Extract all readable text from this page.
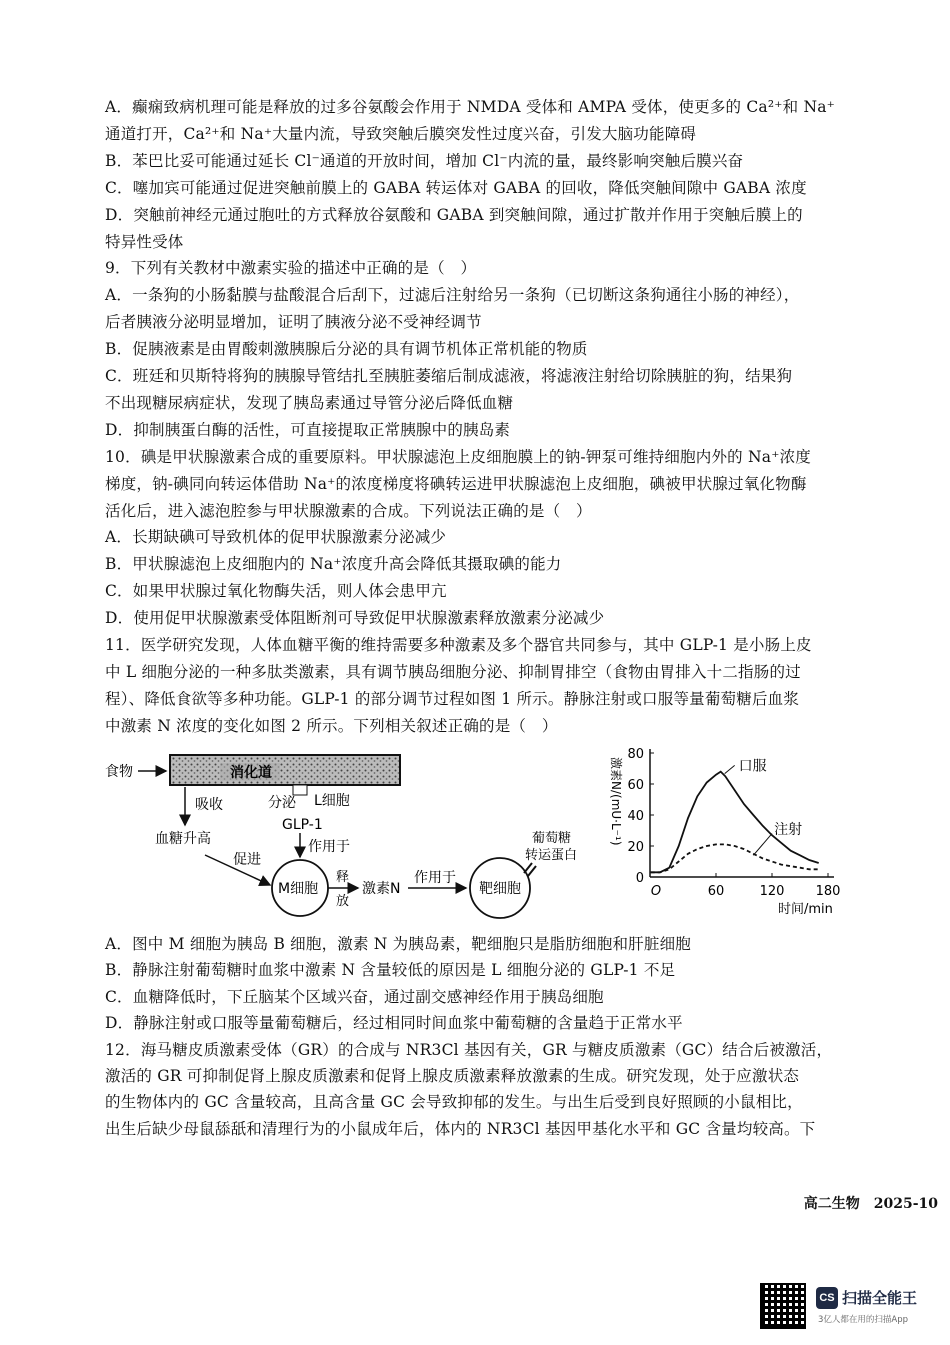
A．癫痫致病机理可能是释放的过多谷氨酸会作用于 NMDA 受体和 AMPA 受体，使更多的 Ca²⁺和 Na⁺
通道打开，Ca²⁺和 Na⁺大量内流，导致突触后膜突发性过度兴奋，引发大脑功能障碍
B．苯巴比妥可能通过延长 Cl⁻通道的开放时间，增加 Cl⁻内流的量，最终影响突触后膜兴奋
C．噻加宾可能通过促进突触前膜上的 GABA 转运体对 GABA 的回收，降低突触间隙中 GABA 浓度
D．突触前神经元通过胞吐的方式释放谷氨酸和 GABA 到突触间隙，通过扩散并作用于突触后膜上的
特异性受体
9．下列有关教材中激素实验的描述中正确的是（　）
A．一条狗的小肠黏膜与盐酸混合后刮下，过滤后注射给另一条狗（已切断这条狗通往小肠的神经），
后者胰液分泌明显增加，证明了胰液分泌不受神经调节
B．促胰液素是由胃酸刺激胰腺后分泌的具有调节机体正常机能的物质
C．班廷和贝斯特将狗的胰腺导管结扎至胰脏萎缩后制成滤液，将滤液注射给切除胰脏的狗，结果狗
不出现糖尿病症状，发现了胰岛素通过导管分泌后降低血糖
D．抑制胰蛋白酶的活性，可直接提取正常胰腺中的胰岛素
10．碘是甲状腺激素合成的重要原料。甲状腺滤泡上皮细胞膜上的钠-钾泵可维持细胞内外的 Na⁺浓度
梯度，钠-碘同向转运体借助 Na⁺的浓度梯度将碘转运进甲状腺滤泡上皮细胞，碘被甲状腺过氧化物酶
活化后，进入滤泡腔参与甲状腺激素的合成。下列说法正确的是（　）
A．长期缺碘可导致机体的促甲状腺激素分泌减少
B．甲状腺滤泡上皮细胞内的 Na⁺浓度升高会降低其摄取碘的能力
C．如果甲状腺过氧化物酶失活，则人体会患甲亢
D．使用促甲状腺激素受体阻断剂可导致促甲状腺激素释放激素分泌减少
11．医学研究发现，人体血糖平衡的维持需要多种激素及多个器官共同参与，其中 GLP-1 是小肠上皮
中 L 细胞分泌的一种多肽类激素，具有调节胰岛细胞分泌、抑制胃排空（食物由胃排入十二指肠的过
程）、降低食欲等多种功能。GLP-1 的部分调节过程如图 1 所示。静脉注射或口服等量葡萄糖后血浆
中激素 N 浓度的变化如图 2 所示。下列相关叙述正确的是（　）
食物	消化道
吸收	分泌 L细胞
GLP-1
作用于
血糖升高
促进
M细胞
释
放
激素N
作用于
靶细胞
葡萄糖
转运蛋白
0
20
40
60
80
O	60	120 180
时间/min
激素N/(mU·L⁻¹)	口服
注射
A．图中 M 细胞为胰岛 B 细胞，激素 N 为胰岛素，靶细胞只是脂肪细胞和肝脏细胞
B．静脉注射葡萄糖时血浆中激素 N 含量较低的原因是 L 细胞分泌的 GLP-1 不足
C．血糖降低时，下丘脑某个区域兴奋，通过副交感神经作用于胰岛细胞
D．静脉注射或口服等量葡萄糖后，经过相同时间血浆中葡萄糖的含量趋于正常水平
12．海马糖皮质激素受体（GR）的合成与 NR3Cl 基因有关，GR 与糖皮质激素（GC）结合后被激活，
激活的 GR 可抑制促肾上腺皮质激素和促肾上腺皮质激素释放激素的生成。研究发现，处于应激状态
的生物体内的 GC 含量较高，且高含量 GC 会导致抑郁的发生。与出生后受到良好照顾的小鼠相比，
出生后缺少母鼠舔舐和清理行为的小鼠成年后，体内的 NR3Cl 基因甲基化水平和 GC 含量均较高。下
高二生物　2025-10
CS 扫描全能王
3亿人都在用的扫描App
